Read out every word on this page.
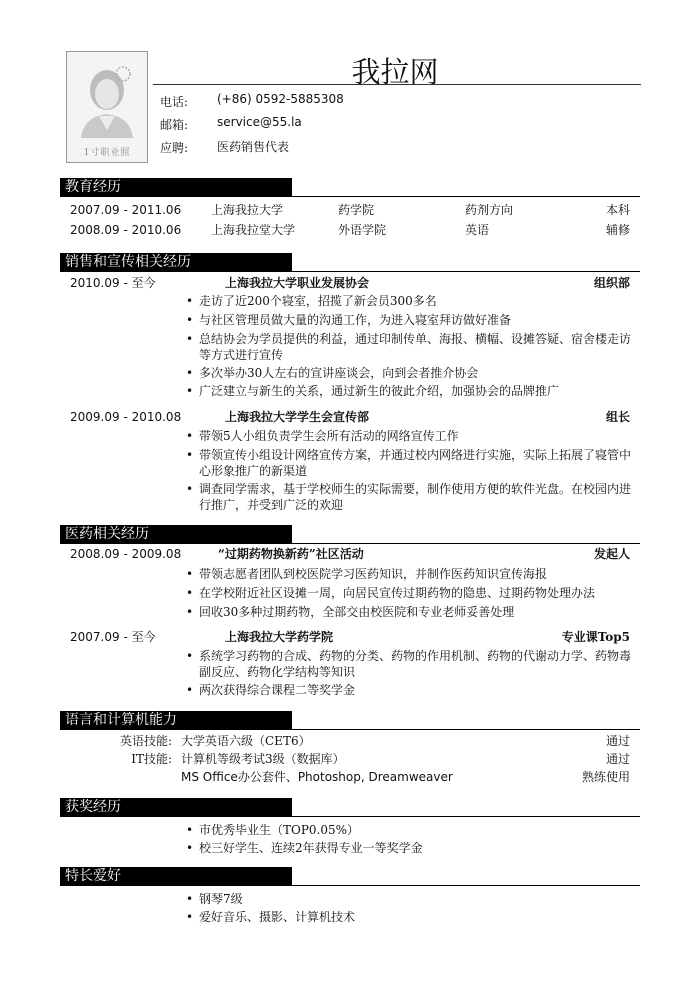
1寸职业照
我拉网
电话: (+86) 0592-5885308
邮箱: service@55.la
应聘: 医药销售代表
教育经历
2007.09 - 2011.06 上海我拉大学	药学院	药剂方向	本科
2008.09 - 2010.06 上海我拉堂大学	外语学院	英语	辅修
销售和宣传相关经历
2010.09 - 至今	上海我拉大学职业发展协会	组织部
• 走访了近200个寝室，招揽了新会员300多名
• 与社区管理员做大量的沟通工作，为进入寝室拜访做好准备
• 总结协会为学员提供的利益，通过印制传单、海报、横幅、设摊答疑、宿舍楼走访等方式进行宣传
• 多次举办30人左右的宣讲座谈会，向到会者推介协会
• 广泛建立与新生的关系，通过新生的彼此介绍，加强协会的品牌推广
2009.09 - 2010.08	上海我拉大学学生会宣传部	组长
• 带领5人小组负责学生会所有活动的网络宣传工作
• 带领宣传小组设计网络宣传方案，并通过校内网络进行实施，实际上拓展了寝管中心形象推广的新渠道
• 调查同学需求，基于学校师生的实际需要，制作使用方便的软件光盘。在校园内进行推广，并受到广泛的欢迎
医药相关经历
2008.09 - 2009.08	“过期药物换新药”社区活动	发起人
• 带领志愿者团队到校医院学习医药知识，并制作医药知识宣传海报
• 在学校附近社区设摊一周，向居民宣传过期药物的隐患、过期药物处理办法
• 回收30多种过期药物，全部交由校医院和专业老师妥善处理
2007.09 - 至今	上海我拉大学药学院	专业课Top5
• 系统学习药物的合成、药物的分类、药物的作用机制、药物的代谢动力学、药物毒副反应、药物化学结构等知识
• 两次获得综合课程二等奖学金
语言和计算机能力
英语技能: 大学英语六级（CET6）	通过
IT技能: 计算机等级考试3级（数据库）	通过
MS Office办公套件、Photoshop, Dreamweaver	熟练使用
获奖经历
• 市优秀毕业生（TOP0.05%）
• 校三好学生、连续2年获得专业一等奖学金
特长爱好
• 钢琴7级
• 爱好音乐、摄影、计算机技术
